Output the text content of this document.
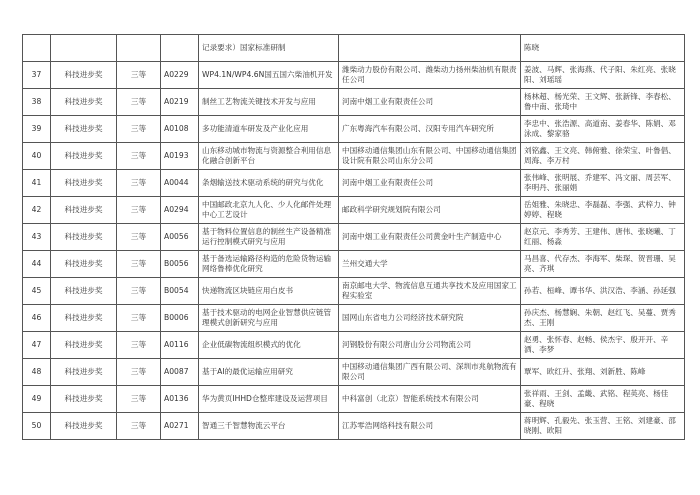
				记录要求）国家标准研制		陈晓
37	科技进步奖	三等	A0229	WP4.1N/WP4.6N国五国六柴油机开发	潍柴动力股份有限公司、潍柴动力扬州柴油机有限责任公司	姜波、马辉、张海燕、代子阳、朱红亮、张晓阳、刘瑶瑶
38	科技进步奖	三等	A0219	制丝工艺物流关键技术开发与应用	河南中烟工业有限责任公司	杨林超、杨光荣、王文辉、张新锋、李春松、鲁中南、张琦中
39	科技进步奖	三等	A0108	多功能清道车研发及产业化应用	广东粤海汽车有限公司、汉阳专用汽车研究所	李忠中、张浩源、高道南、姜春华、陈娟、邓泳成、黎家骆
40	科技进步奖	三等	A0193	山东移动城市物流与资源整合利用信息化融合创新平台	中国移动通信集团山东有限公司、中国移动通信集团设计院有限公司山东分公司	刘铭鑫、王文亮、韩俯雅、徐荣宝、叶鲁倡、周海、李万村
41	科技进步奖	三等	A0044	条烟输送技术驱动系统的研究与优化	河南中烟工业有限责任公司	张伟峰、张明展、乔建军、冯文丽、周芸军、李明丹、张丽娟
42	科技进步奖	三等	A0294	中国邮政北京九人化、少人化邮件处理中心工艺设计	邮政科学研究规划院有限公司	岳姐雅、朱晓忠、李磊磊、李强、武梓力、钟婷婷、程晓
43	科技进步奖	三等	A0056	基于物料位置信息的制丝生产设备精准运行控制模式研究与应用	河南中烟工业有限责任公司黄金叶生产制造中心	赵京元、李秀芳、王建伟、唐伟、张晓曦、丁红丽、杨淼
44	科技进步奖	三等	B0056	基于备选运输路径构造的危险货物运输网络鲁棒优化研究	兰州交通大学	马昌喜、代存杰、李海军、柴琛、贺晋珊、吴亮、齐琪
45	科技进步奖	三等	B0054	快递物流区块链应用白皮书	南京邮电大学、物流信息互通共享技术及应用国家工程实验室	孙若、桓峰、谭书华、洪汉浩、李涵、孙延强
46	科技进步奖	三等	B0006	基于技术驱动的电网企业智慧供应链管理模式创新研究与应用	国网山东省电力公司经济技术研究院	孙庆杰、杨慧娴、朱朝、赵红飞、吴蔓、贾秀杰、王刚
47	科技进步奖	三等	A0116	企业低碳物流组织模式的优化	河钢股份有限公司唐山分公司物流公司	赵勇、张怀春、赵畅、侯杰宇、殷开开、辛洒、李梦
48	科技进步奖	三等	A0087	基于AI的最优运输应用研究	中国移动通信集团广西有限公司、深圳市兆航物流有限公司	覃军、欧红升、张翔、刘新胜、陈峰
49	科技进步奖	三等	A0136	华为黄页IHHD仓整库建设及运营项目	中科富创（北京）智能系统技术有限公司	张祥雨、王剑、孟畿、武铭、程英亮、杨佳豪、程晓
50	科技进步奖	三等	A0271	智通三千智慧物流云平台	江苏零浩网络科技有限公司	蒋明辉、孔毅先、张玉营、王铭、刘建豪、邵晓刚、欧阳
